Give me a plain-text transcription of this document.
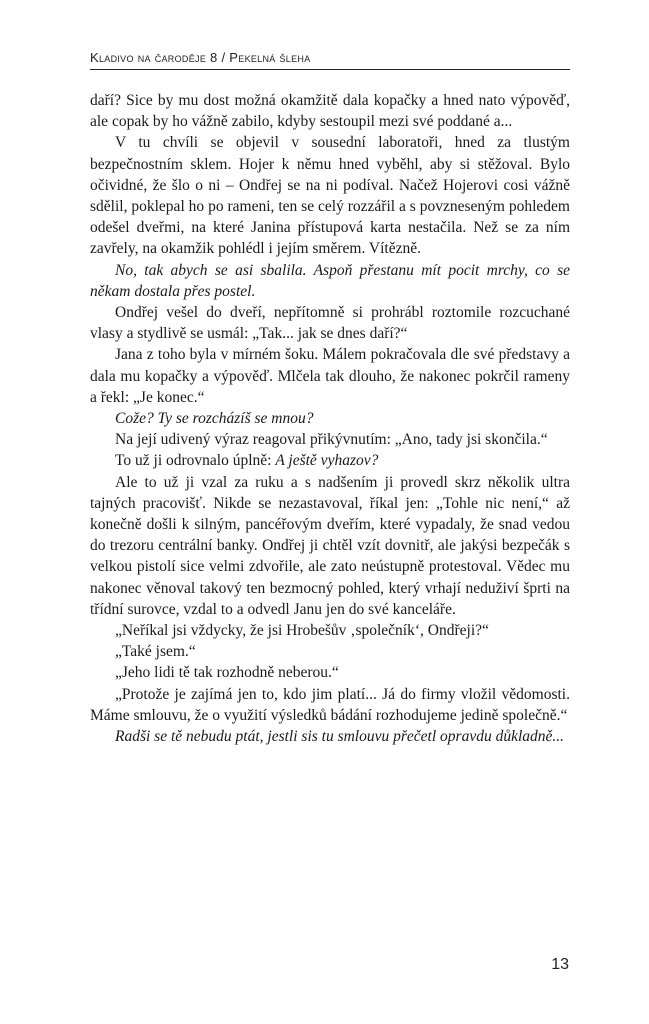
Kladivo na čaroděje 8 / Pekelná šleha

daří? Sice by mu dost možná okamžitě dala kopačky a hned nato výpověď, ale copak by ho vážně zabilo, kdyby sestoupil mezi své poddané a...

V tu chvíli se objevil v sousední laboratoři, hned za tlustým bezpečnostním sklem. Hojer k němu hned vyběhl, aby si stěžoval. Bylo očividné, že šlo o ni – Ondřej se na ni podíval. Načež Hojerovi cosi vážně sdělil, poklepal ho po rameni, ten se celý rozzářil a s povzneseným pohledem odešel dveřmi, na které Janina přístupová karta nestačila. Než se za ním zavřely, na okamžik pohlédl i jejím směrem. Vítězně.

No, tak abych se asi sbalila. Aspoň přestanu mít pocit mrchy, co se někam dostala přes postel.

Ondřej vešel do dveří, nepřítomně si prohrábl roztomile rozcuchané vlasy a stydlivě se usmál: „Tak... jak se dnes daří?“

Jana z toho byla v mírném šoku. Málem pokračovala dle své představy a dala mu kopačky a výpověď. Mlčela tak dlouho, že nakonec pokrčil rameny a řekl: „Je konec.“

Cože? Ty se rozcházíš se mnou?

Na její udivený výraz reagoval přikývnutím: „Ano, tady jsi skončila.“

To už ji odrovnalo úplně: A ještě vyhazov?

Ale to už ji vzal za ruku a s nadšením ji provedl skrz několik ultra tajných pracovišť. Nikde se nezastavoval, říkal jen: „Tohle nic není,“ až konečně došli k silným, pancéřovým dveřím, které vypadaly, že snad vedou do trezoru centrální banky. Ondřej ji chtěl vzít dovnitř, ale jakýsi bezpečák s velkou pistolí sice velmi zdvořile, ale zato neústupně protestoval. Vědec mu nakonec věnoval takový ten bezmocný pohled, který vrhají neduživí šprti na třídní surovce, vzdal to a odvedl Janu jen do své kanceláře.

„Neříkal jsi vždycky, že jsi Hrobešův ‚společník‘, Ondřeji?“

„Také jsem.“

„Jeho lidi tě tak rozhodně neberou.“

„Protože je zajímá jen to, kdo jim platí... Já do firmy vložil vědomosti. Máme smlouvu, že o využití výsledků bádání rozhodujeme jedině společně.“

Radši se tě nebudu ptát, jestli sis tu smlouvu přečetl opravdu důkladně...

13
